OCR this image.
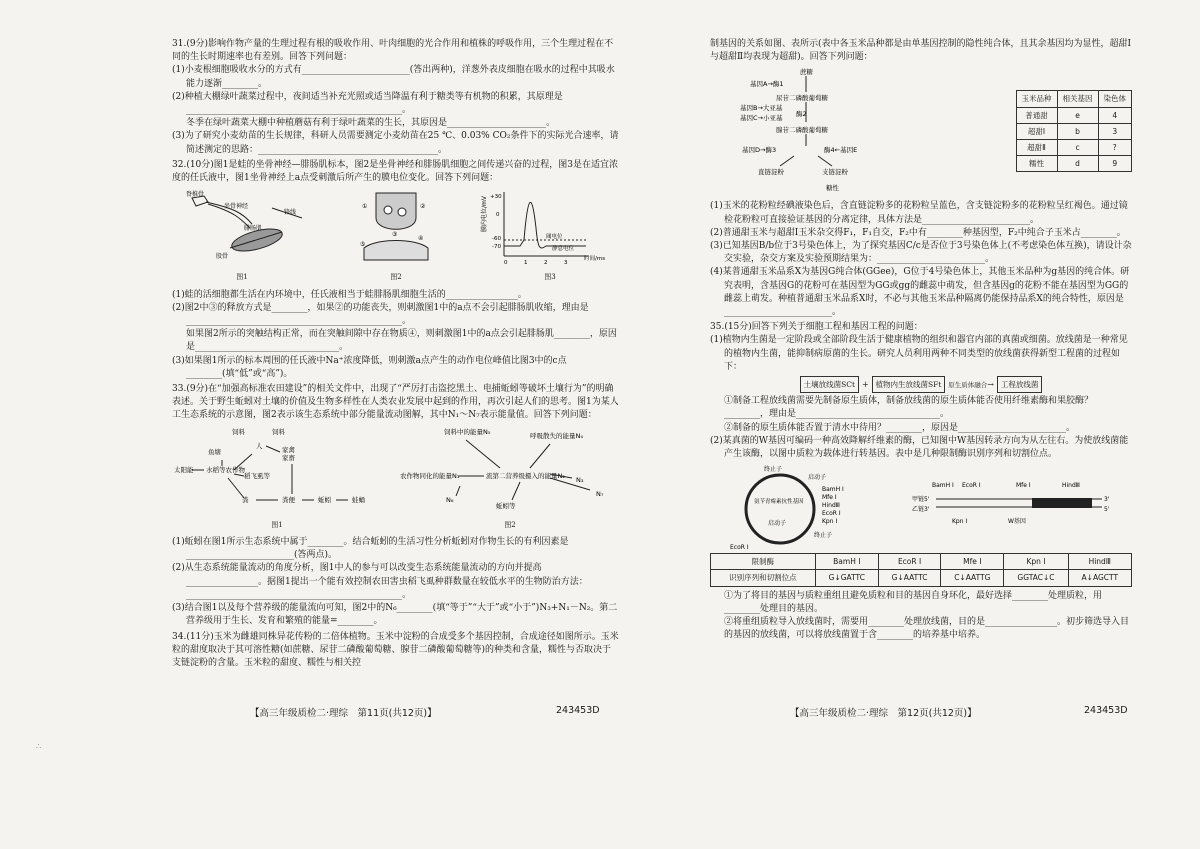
31.(9分)影响作物产量的生理过程有根的吸收作用、叶肉细胞的光合作用和植株的呼吸作用，三个生理过程在不同的生长时期速率也有差别。回答下列问题：

(1)小麦根细胞吸收水分的方式有________________________(答出两种)，洋葱外表皮细胞在吸水的过程中其吸水能力逐渐________。

(2)种植大棚绿叶蔬菜过程中，夜间适当补充光照或适当降温有利于糖类等有机物的积累，其原理是________________________________________________。

冬季在绿叶蔬菜大棚中种植蘑菇有利于绿叶蔬菜的生长，其原因是______________________。

(3)为了研究小麦幼苗的生长规律，科研人员需要测定小麦幼苗在25 ℃、0.03% CO₂条件下的实际光合速率，请简述测定的思路：________________________________________。

32.(10分)图1是蛙的坐骨神经—腓肠肌标本，图2是坐骨神经和腓肠肌细胞之间传递兴奋的过程，图3是在适宜浓度的任氏液中，图1坐骨神经上a点受刺激后所产生的膜电位变化。回答下列问题：

脊推骨
坐骨神经
锋线
腓肠肌
股骨
图1
①	②
③
④
⑤
图2
膜内电位/mV +30
0
-60
-70
阈电位
静息电位
0	1	2	3
时间/ms
图3

(1)蛙的活细胞都生活在内环境中，任氏液相当于蛙腓肠肌细胞生活的________________。

(2)图2中③的释放方式是________，如果②的功能丧失，则刺激图1中的a点不会引起腓肠肌收缩，理由是________________________________________________。

如果图2所示的突触结构正常，而在突触间隙中存在物质④，则刺激图1中的a点会引起腓肠肌________，原因是________________________________。

(3)如果图1所示的标本周围的任氏液中Na⁺浓度降低，则刺激a点产生的动作电位峰值比图3中的c点________(填“低”或“高”)。

33.(9分)在“加强高标准农田建设”的相关文件中，出现了“严厉打击盗挖黑土、电捕蚯蚓等破坏土壤行为”的明确表述。关于野生蚯蚓对土壤的价值及生物多样性在人类农业发展中起到的作用，再次引起人们的思考。图1为某人工生态系统的示意图，图2表示该生态系统中部分能量流动图解，其中N₁～N₇表示能量值。回答下列问题：

饲料	饲料
人
鱼塘	家禽
家畜
太阳能 水稻等农作物
稻飞虱等
粪	粪便	蚯蚓	蛙蛹
图1
饲料中的能量N₅	呼吸散失的能量N₄
农作物同化的能量N₁	流第二营养级摄入的能量N₂ N₃
N₆
N₇
蚯蚓等
图2

(1)蚯蚓在图1所示生态系统中属于________。结合蚯蚓的生活习性分析蚯蚓对作物生长的有利因素是________________________(答两点)。

(2)从生态系统能量流动的角度分析，图1中人的参与可以改变生态系统能量流动的方向并提高________________。据图1提出一个能有效控制农田害虫稻飞虱种群数量在较低水平的生物防治方法：________________________________________________。

(3)结合图1以及每个营养级的能量流向可知，图2中的N₆________(填“等于”“大于”或“小于”)N₃+N₁－N₂。第二营养级用于生长、发育和繁殖的能量=________。

34.(11分)玉米为雌雄同株异花传粉的二倍体植物。玉米中淀粉的合成受多个基因控制，合成途径如图所示。玉米粒的甜度取决于其可溶性糖(如蔗糖、尿苷二磷酸葡萄糖、腺苷二磷酸葡萄糖等)的种类和含量，糯性与否取决于支链淀粉的含量。玉米粒的甜度、糯性与相关控

【高三年级质检二·理综　第11页(共12页)】	243453D

制基因的关系如图、表所示(表中各玉米品种都是由单基因控制的隐性纯合体，且其余基因均为显性，超甜Ⅰ与超甜Ⅱ均表现为超甜)。回答下列问题：

蔗糖
基因A→酶1
尿苷二磷酸葡萄糖
基因B→大亚基
基因C→小亚基 酶2
腺苷二磷酸葡萄糖
基因D→酶3	酶4←基因E
直链淀粉	支链淀粉
糖性
玉米品种	相关基因	染色体
普通甜	e	4
超甜Ⅰ	b	3
超甜Ⅱ	c	?
糯性	d	9

(1)玉米的花粉粒经碘液染色后，含直链淀粉多的花粉粒呈蓝色，含支链淀粉多的花粉粒呈红褐色。通过镜检花粉粒可直接验证基因的分离定律，具体方法是________________________。

(2)普通甜玉米与超甜Ⅰ玉米杂交得F₁，F₁自交，F₂中有________种基因型，F₂中纯合子玉米占________。

(3)已知基因B/b位于3号染色体上，为了探究基因C/c是否位于3号染色体上(不考虑染色体互换)，请设计杂交实验，杂交方案及实验预期结果为：________________________。

(4)某普通甜玉米品系X为基因G纯合体(GGee)，G位于4号染色体上，其他玉米品种为g基因的纯合体。研究表明，含基因G的花粉可在基因型为GG或gg的雌蕊中萌发，但含基因g的花粉不能在基因型为GG的雌蕊上萌发。种植普通甜玉米品系X时，不必与其他玉米品种隔离仍能保持品系X的纯合特性，原因是________________________。

35.(15分)回答下列关于细胞工程和基因工程的问题：

(1)植物内生菌是一定阶段或全部阶段生活于健康植物的组织和器官内部的真菌或细菌。放线菌是一种常见的植物内生菌，能抑制病原菌的生长。研究人员利用两种不同类型的放线菌获得新型工程菌的过程如下：

土壤放线菌SCt + 植物内生放线菌SFt 原生质体融合→ 工程放线菌

①制备工程放线菌需要先制备原生质体，制备放线菌的原生质体能否使用纤维素酶和果胶酶？________，理由是________________________________。

②制备的原生质体能否置于清水中待用？________，原因是________________________。

(2)某真菌的W基因可编码一种高效降解纤维素的酶，已知图中W基因转录方向为从左往右。为使放线菌能产生该酶，以图中质粒为载体进行转基因。表中是几种限制酶识别序列和切割位点。

终止子
启动子
BamH Ⅰ
Mfe Ⅰ
HindⅢ
EcoR Ⅰ
Kpn Ⅰ
氨苄青霉素抗性基因
启动子
终止子
EcoR Ⅰ
BamH Ⅰ EcoR Ⅰ	Mfe Ⅰ	HindⅢ
甲链5'
乙链3'
3'
5'
Kpn Ⅰ	W基因
限制酶	BamH Ⅰ	EcoR Ⅰ	Mfe Ⅰ	Kpn Ⅰ	HindⅢ
识别序列和切割位点	G↓GATTC	G↓AATTC	C↓AATTG	GGTAC↓C	A↓AGCTT

①为了将目的基因与质粒重组且避免质粒和目的基因自身环化，最好选择________处理质粒，用________处理目的基因。

②将重组质粒导入放线菌时，需要用________处理放线菌，目的是________________。初步筛选导入目的基因的放线菌，可以将放线菌置于含________的培养基中培养。

【高三年级质检二·理综　第12页(共12页)】	243453D
∴
